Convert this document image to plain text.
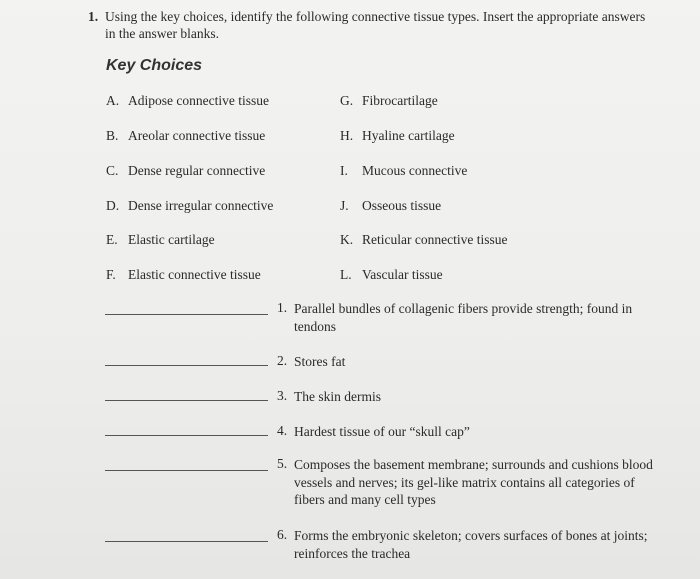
1. Using the key choices, identify the following connective tissue types. Insert the appropriate answers in the answer blanks.
Key Choices
A. Adipose connective tissue
B. Areolar connective tissue
C. Dense regular connective
D. Dense irregular connective
E. Elastic cartilage
F. Elastic connective tissue
G. Fibrocartilage
H. Hyaline cartilage
I. Mucous connective
J. Osseous tissue
K. Reticular connective tissue
L. Vascular tissue
1. Parallel bundles of collagenic fibers provide strength; found in tendons
2. Stores fat
3. The skin dermis
4. Hardest tissue of our “skull cap”
5. Composes the basement membrane; surrounds and cushions blood vessels and nerves; its gel-like matrix contains all categories of fibers and many cell types
6. Forms the embryonic skeleton; covers surfaces of bones at joints; reinforces the trachea
